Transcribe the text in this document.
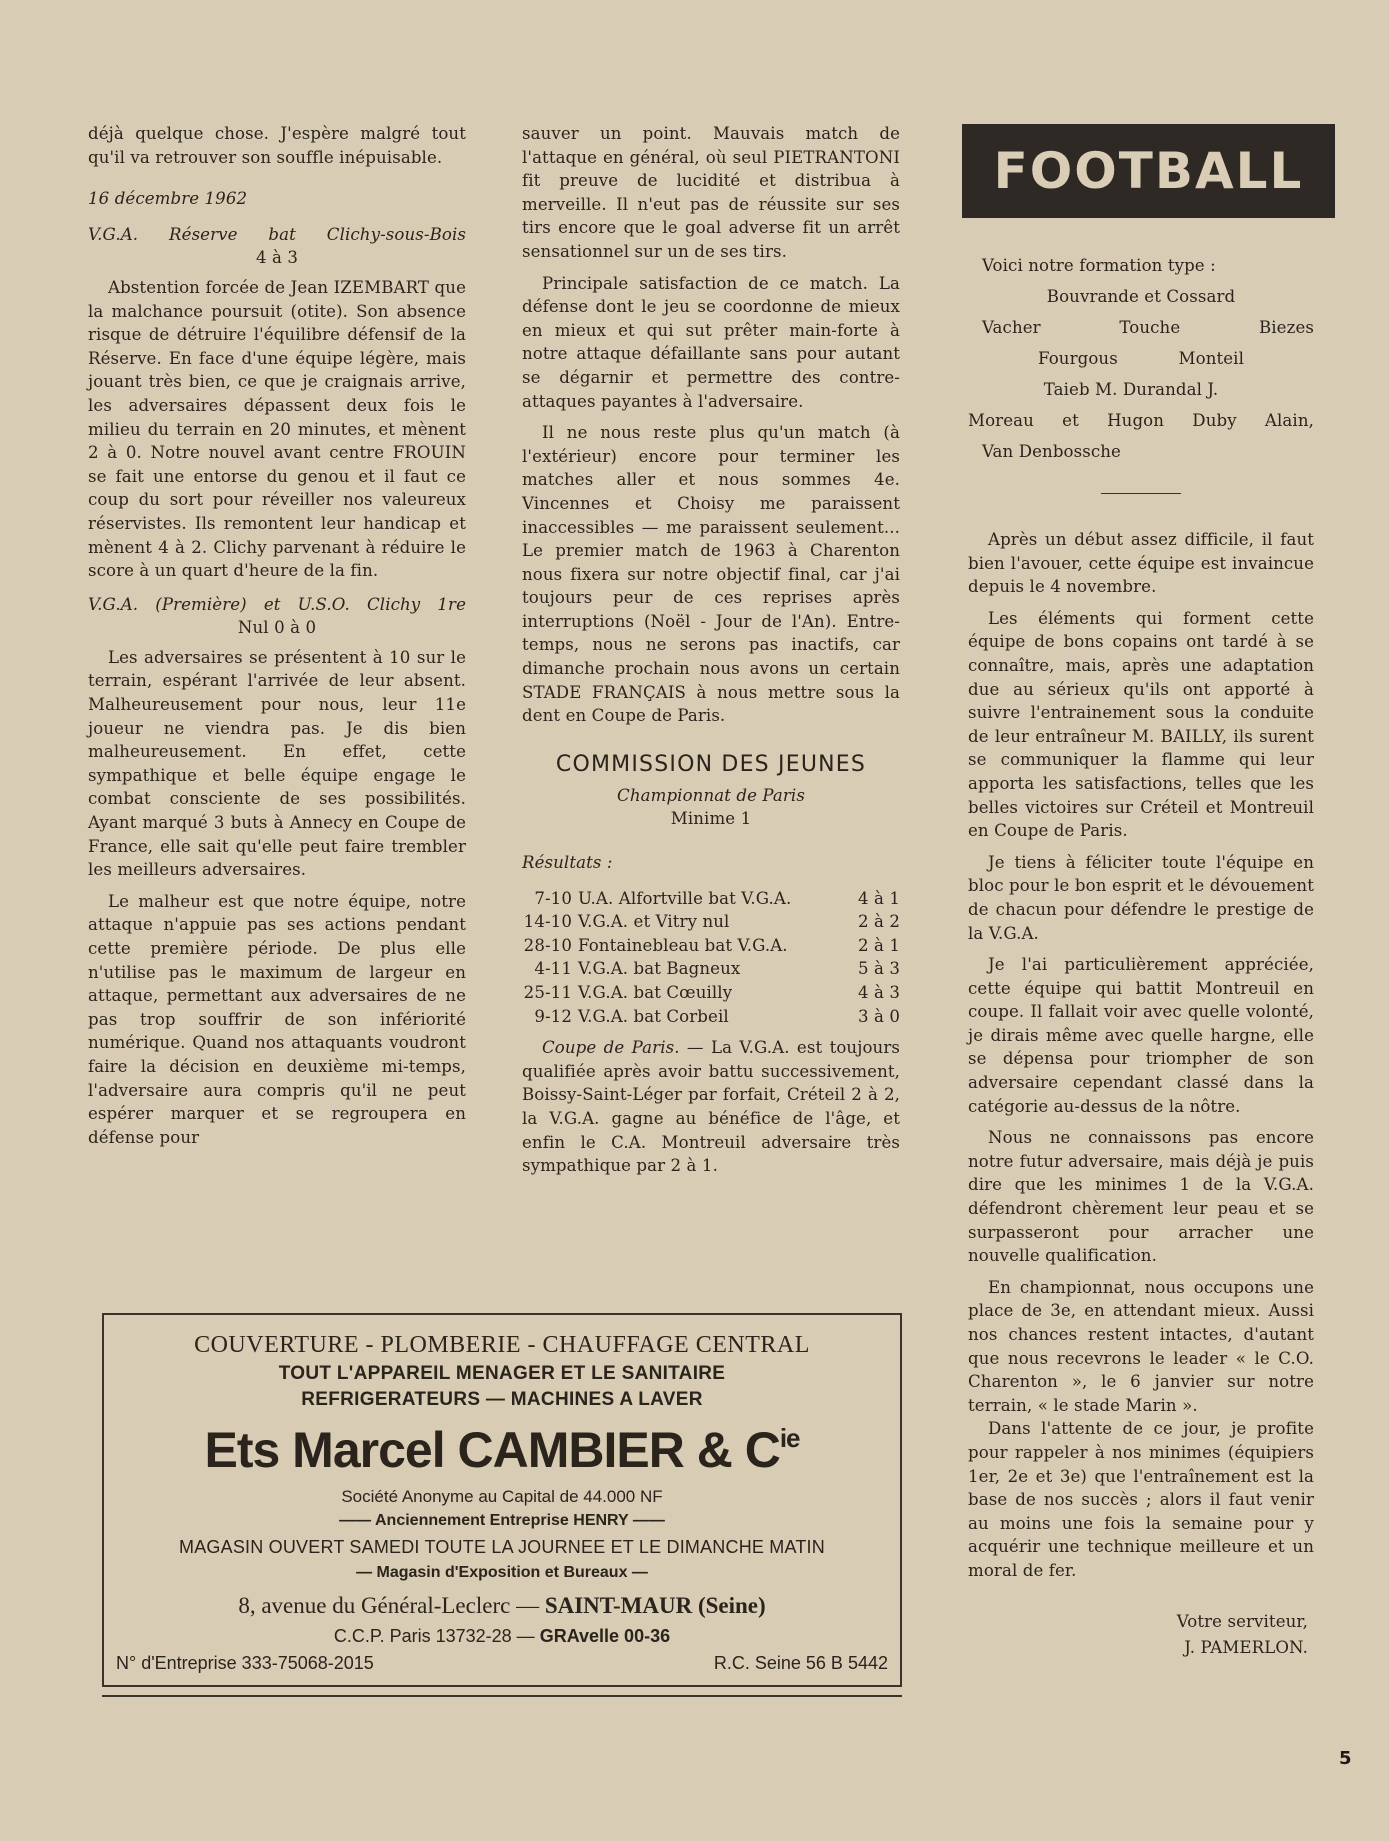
déjà quelque chose. J'espère malgré tout qu'il va retrouver son souffle inépuisable.

16 décembre 1962

V.G.A. Réserve bat Clichy-sous-Bois

4 à 3

Abstention forcée de Jean IZEMBART que la malchance poursuit (otite). Son absence risque de détruire l'équilibre défensif de la Réserve. En face d'une équipe légère, mais jouant très bien, ce que je craignais arrive, les adversaires dépassent deux fois le milieu du terrain en 20 minutes, et mènent 2 à 0. Notre nouvel avant centre FROUIN se fait une entorse du genou et il faut ce coup du sort pour réveiller nos valeureux réservistes. Ils remontent leur handicap et mènent 4 à 2. Clichy parvenant à réduire le score à un quart d'heure de la fin.

V.G.A. (Première) et U.S.O. Clichy 1re

Nul 0 à 0

Les adversaires se présentent à 10 sur le terrain, espérant l'arrivée de leur absent. Malheureusement pour nous, leur 11e joueur ne viendra pas. Je dis bien malheureusement. En effet, cette sympathique et belle équipe engage le combat consciente de ses possibilités. Ayant marqué 3 buts à Annecy en Coupe de France, elle sait qu'elle peut faire trembler les meilleurs adversaires.

Le malheur est que notre équipe, notre attaque n'appuie pas ses actions pendant cette première période. De plus elle n'utilise pas le maximum de largeur en attaque, permettant aux adversaires de ne pas trop souffrir de son infériorité numérique. Quand nos attaquants voudront faire la décision en deuxième mi-temps, l'adversaire aura compris qu'il ne peut espérer marquer et se regroupera en défense pour

sauver un point. Mauvais match de l'attaque en général, où seul PIETRANTONI fit preuve de lucidité et distribua à merveille. Il n'eut pas de réussite sur ses tirs encore que le goal adverse fit un arrêt sensationnel sur un de ses tirs.

Principale satisfaction de ce match. La défense dont le jeu se coordonne de mieux en mieux et qui sut prêter main-forte à notre attaque défaillante sans pour autant se dégarnir et permettre des contre-attaques payantes à l'adversaire.

Il ne nous reste plus qu'un match (à l'extérieur) encore pour terminer les matches aller et nous sommes 4e. Vincennes et Choisy me paraissent inaccessibles — me paraissent seulement... Le premier match de 1963 à Charenton nous fixera sur notre objectif final, car j'ai toujours peur de ces reprises après interruptions (Noël - Jour de l'An). Entre-temps, nous ne serons pas inactifs, car dimanche prochain nous avons un certain STADE FRANÇAIS à nous mettre sous la dent en Coupe de Paris.

COMMISSION DES JEUNES

Championnat de Paris

Minime 1

Résultats :

7-10 U.A. Alfortville bat V.G.A.	4 à 1
14-10 V.G.A. et Vitry nul	2 à 2
28-10 Fontainebleau bat V.G.A.	2 à 1
4-11 V.G.A. bat Bagneux	5 à 3
25-11 V.G.A. bat Cœuilly	4 à 3
9-12 V.G.A. bat Corbeil	3 à 0

Coupe de Paris. — La V.G.A. est toujours qualifiée après avoir battu successivement, Boissy-Saint-Léger par forfait, Créteil 2 à 2, la V.G.A. gagne au bénéfice de l'âge, et enfin le C.A. Montreuil adversaire très sympathique par 2 à 1.

FOOTBALL

Voici notre formation type :

Bouvrande et Cossard

Vacher	Touche	Biezes
Fourgous	Monteil

Taieb M. Durandal J.

Moreau et Hugon Duby Alain,

Van Denbossche

Après un début assez difficile, il faut bien l'avouer, cette équipe est invaincue depuis le 4 novembre.

Les éléments qui forment cette équipe de bons copains ont tardé à se connaître, mais, après une adaptation due au sérieux qu'ils ont apporté à suivre l'entrainement sous la conduite de leur entraîneur M. BAILLY, ils surent se communiquer la flamme qui leur apporta les satisfactions, telles que les belles victoires sur Créteil et Montreuil en Coupe de Paris.

Je tiens à féliciter toute l'équipe en bloc pour le bon esprit et le dévouement de chacun pour défendre le prestige de la V.G.A.

Je l'ai particulièrement appréciée, cette équipe qui battit Montreuil en coupe. Il fallait voir avec quelle volonté, je dirais même avec quelle hargne, elle se dépensa pour triompher de son adversaire cependant classé dans la catégorie au-dessus de la nôtre.

Nous ne connaissons pas encore notre futur adversaire, mais déjà je puis dire que les minimes 1 de la V.G.A. défendront chèrement leur peau et se surpasseront pour arracher une nouvelle qualification.

En championnat, nous occupons une place de 3e, en attendant mieux. Aussi nos chances restent intactes, d'autant que nous recevrons le leader « le C.O. Charenton », le 6 janvier sur notre terrain, « le stade Marin ».

Dans l'attente de ce jour, je profite pour rappeler à nos minimes (équipiers 1er, 2e et 3e) que l'entraînement est la base de nos succès ; alors il faut venir au moins une fois la semaine pour y acquérir une technique meilleure et un moral de fer.

Votre serviteur,

J. PAMERLON.

COUVERTURE - PLOMBERIE - CHAUFFAGE CENTRAL
TOUT L'APPAREIL MENAGER ET LE SANITAIRE
REFRIGERATEURS — MACHINES A LAVER
Ets Marcel CAMBIER & $C^{ie}$
Société Anonyme au Capital de 44.000 NF
—— Anciennement Entreprise HENRY ——
MAGASIN OUVERT SAMEDI TOUTE LA JOURNEE ET LE DIMANCHE MATIN
— Magasin d'Exposition et Bureaux —
8, avenue du Général-Leclerc — SAINT-MAUR (Seine)
C.C.P. Paris 13732-28 — GRAvelle 00-36
N° d'Entreprise 333-75068-2015	R.C. Seine 56 B 5442
5
